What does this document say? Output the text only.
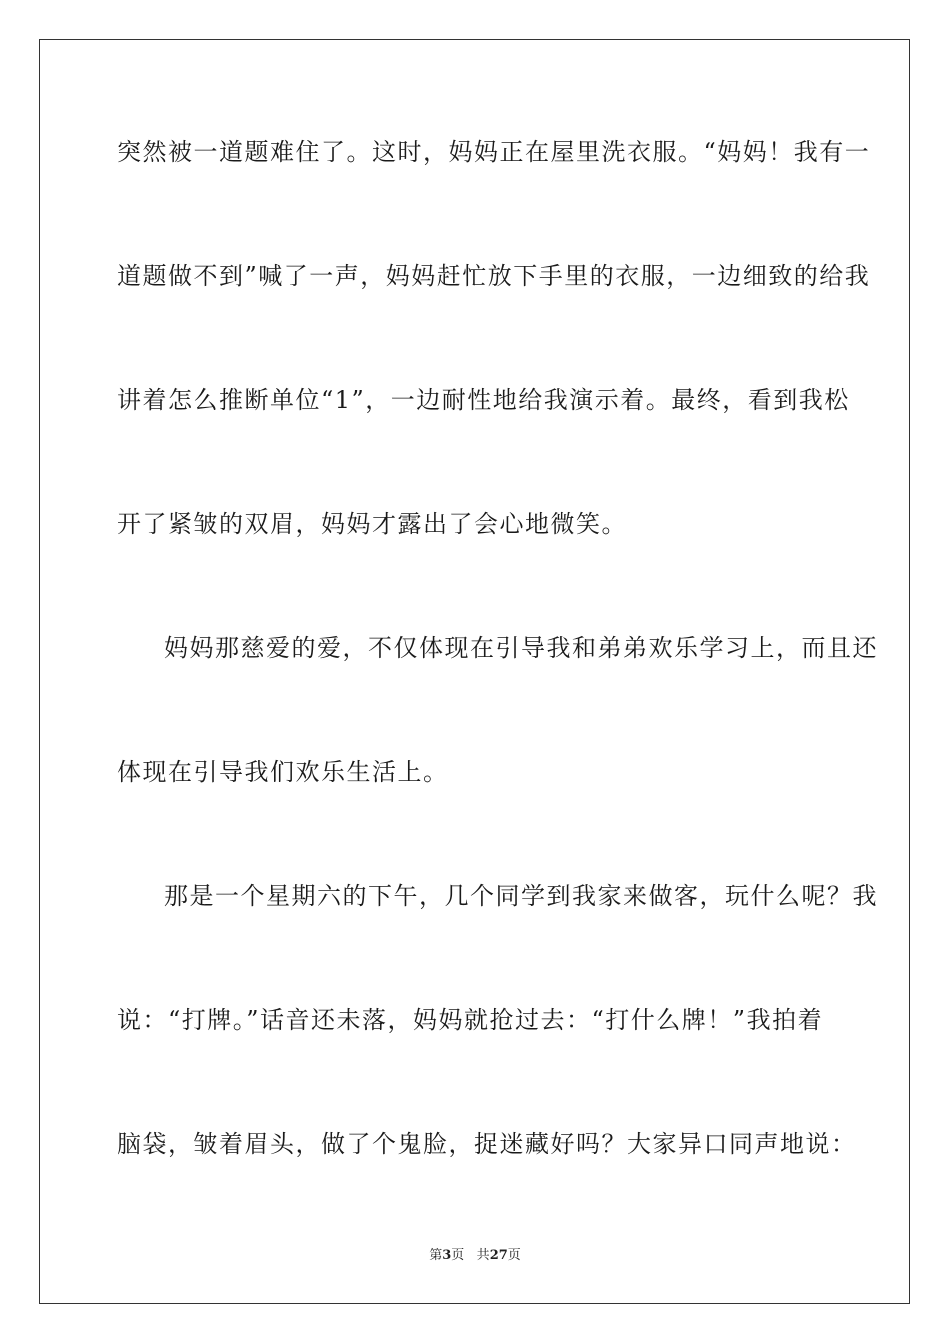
突然被一道题难住了。这时，妈妈正在屋里洗衣服。“妈妈！我有一
道题做不到”喊了一声，妈妈赶忙放下手里的衣服，一边细致的给我
讲着怎么推断单位“1”，一边耐性地给我演示着。最终，看到我松
开了紧皱的双眉，妈妈才露出了会心地微笑。
妈妈那慈爱的爱，不仅体现在引导我和弟弟欢乐学习上，而且还
体现在引导我们欢乐生活上。
那是一个星期六的下午，几个同学到我家来做客，玩什么呢？我
说：“打牌。”话音还未落，妈妈就抢过去：“打什么牌！”我拍着
脑袋，皱着眉头，做了个鬼脸，捉迷藏好吗？大家异口同声地说：
第3页 共27页
